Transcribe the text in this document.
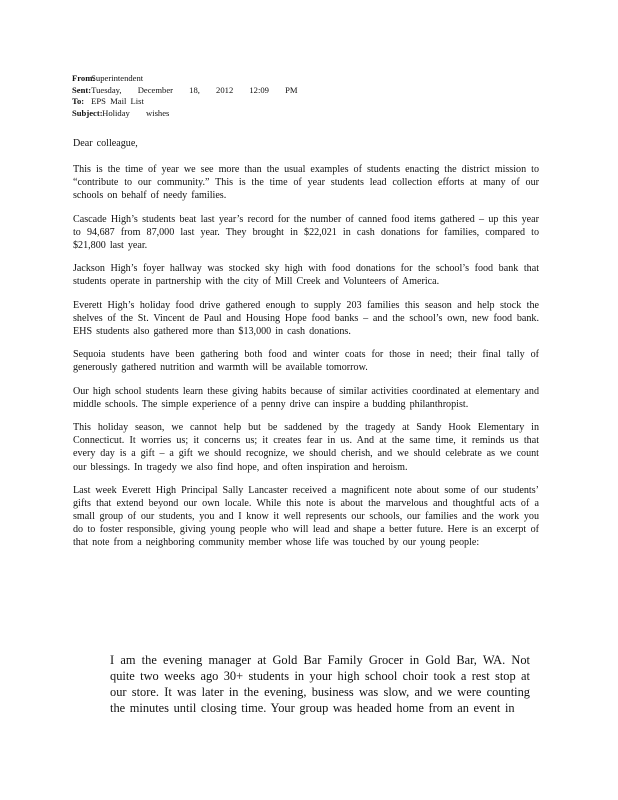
From: Superintendent
Sent: Tuesday, December 18, 2012 12:09 PM
To: EPS Mail List
Subject: Holiday wishes

Dear colleague,

This is the time of year we see more than the usual examples of students enacting the district mission to “contribute to our community.” This is the time of year students lead collection efforts at many of our schools on behalf of needy families.

Cascade High’s students beat last year’s record for the number of canned food items gathered – up this year to 94,687 from 87,000 last year. They brought in $22,021 in cash donations for families, compared to $21,800 last year.

Jackson High’s foyer hallway was stocked sky high with food donations for the school’s food bank that students operate in partnership with the city of Mill Creek and Volunteers of America.

Everett High’s holiday food drive gathered enough to supply 203 families this season and help stock the shelves of the St. Vincent de Paul and Housing Hope food banks – and the school’s own, new food bank. EHS students also gathered more than $13,000 in cash donations.

Sequoia students have been gathering both food and winter coats for those in need; their final tally of generously gathered nutrition and warmth will be available tomorrow.

Our high school students learn these giving habits because of similar activities coordinated at elementary and middle schools. The simple experience of a penny drive can inspire a budding philanthropist.

This holiday season, we cannot help but be saddened by the tragedy at Sandy Hook Elementary in Connecticut. It worries us; it concerns us; it creates fear in us. And at the same time, it reminds us that every day is a gift – a gift we should recognize, we should cherish, and we should celebrate as we count our blessings. In tragedy we also find hope, and often inspiration and heroism.

Last week Everett High Principal Sally Lancaster received a magnificent note about some of our students’ gifts that extend beyond our own locale. While this note is about the marvelous and thoughtful acts of a small group of our students, you and I know it well represents our schools, our families and the work you do to foster responsible, giving young people who will lead and shape a better future. Here is an excerpt of that note from a neighboring community member whose life was touched by our young people:

I am the evening manager at Gold Bar Family Grocer in Gold Bar, WA. Not quite two weeks ago 30+ students in your high school choir took a rest stop at our store. It was later in the evening, business was slow, and we were counting the minutes until closing time. Your group was headed home from an event in
